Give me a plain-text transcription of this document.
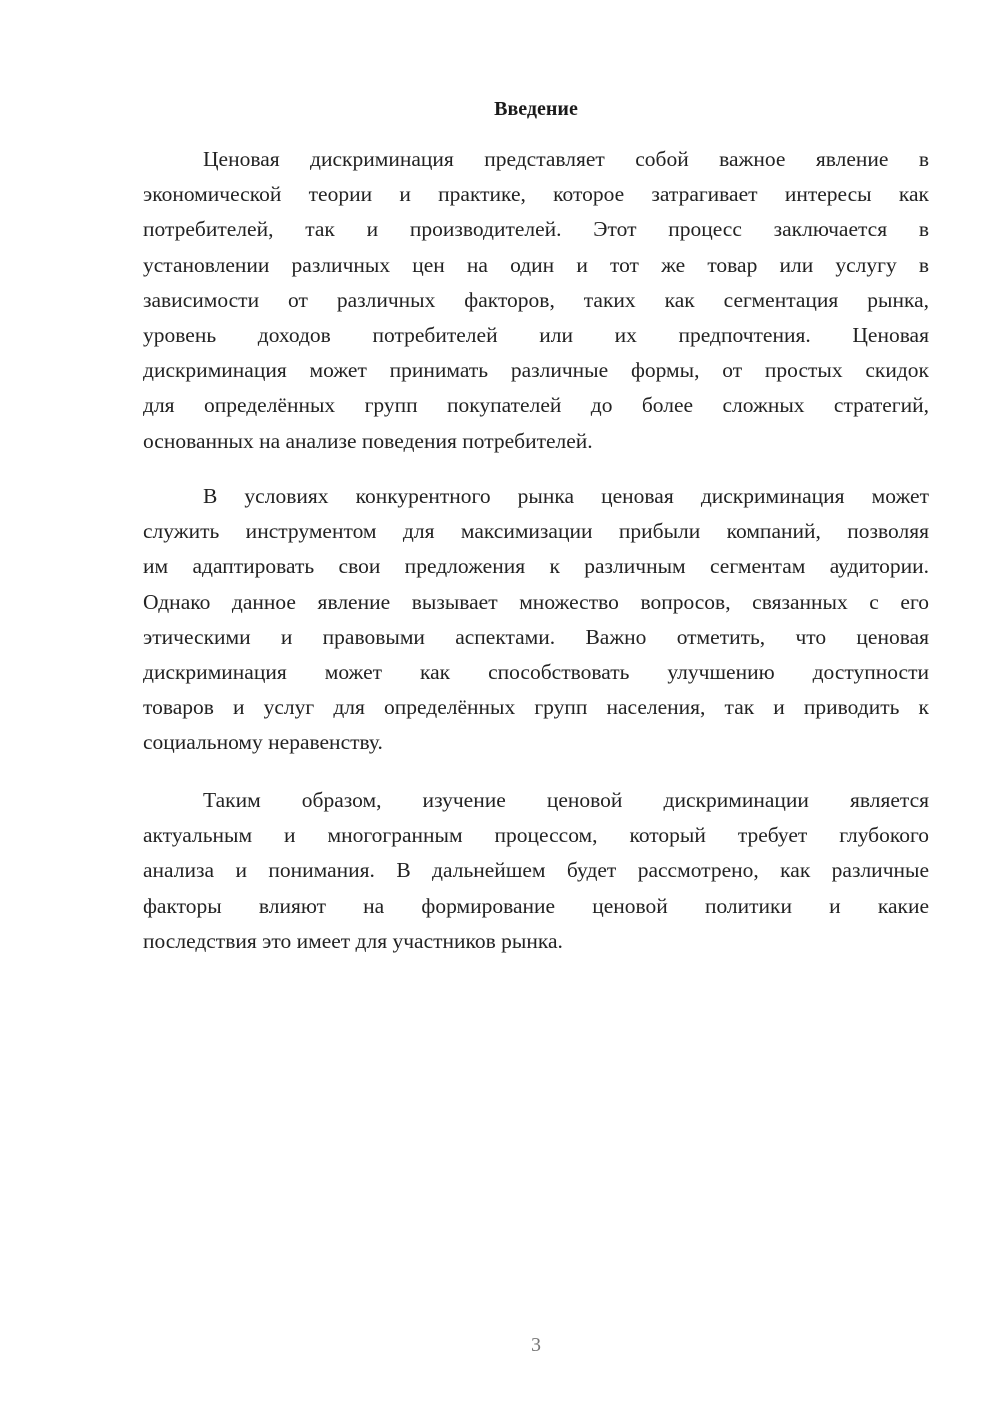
Введение
Ценовая дискриминация представляет собой важное явление в
экономической теории и практике, которое затрагивает интересы как
потребителей, так и производителей. Этот процесс заключается в
установлении различных цен на один и тот же товар или услугу в
зависимости от различных факторов, таких как сегментация рынка,
уровень доходов потребителей или их предпочтения. Ценовая
дискриминация может принимать различные формы, от простых скидок
для определённых групп покупателей до более сложных стратегий,
основанных на анализе поведения потребителей.
В условиях конкурентного рынка ценовая дискриминация может
служить инструментом для максимизации прибыли компаний, позволяя
им адаптировать свои предложения к различным сегментам аудитории.
Однако данное явление вызывает множество вопросов, связанных с его
этическими и правовыми аспектами. Важно отметить, что ценовая
дискриминация может как способствовать улучшению доступности
товаров и услуг для определённых групп населения, так и приводить к
социальному неравенству.
Таким образом, изучение ценовой дискриминации является
актуальным и многогранным процессом, который требует глубокого
анализа и понимания. В дальнейшем будет рассмотрено, как различные
факторы влияют на формирование ценовой политики и какие
последствия это имеет для участников рынка.
3
